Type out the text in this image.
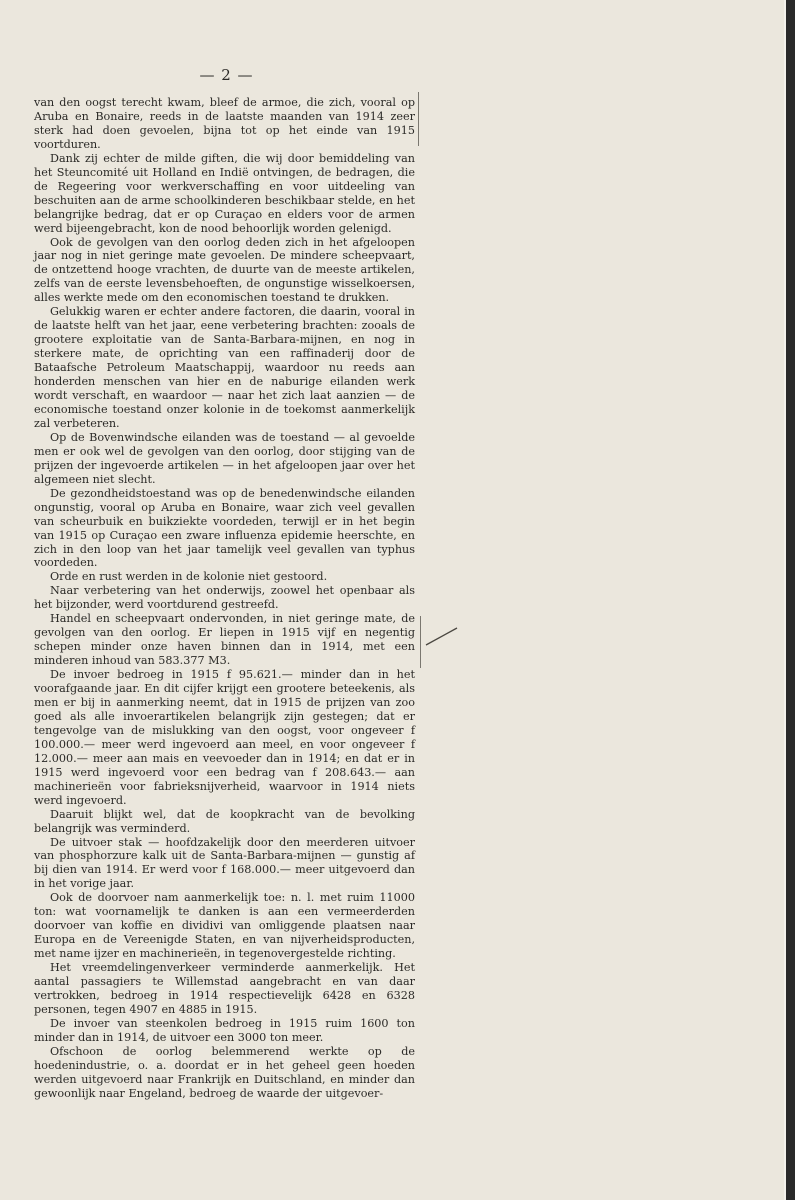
— 2 —

van den oogst terecht kwam, bleef de armoe, die zich, vooral op Aruba en Bonaire, reeds in de laatste maanden van 1914 zeer sterk had doen gevoelen, bijna tot op het einde van 1915 voortduren.

Dank zij echter de milde giften, die wij door bemiddeling van het Steuncomité uit Holland en Indië ontvingen, de bedragen, die de Regeering voor werkverschaffing en voor uitdeeling van beschuiten aan de arme schoolkinderen beschikbaar stelde, en het belangrijke bedrag, dat er op Curaçao en elders voor de armen werd bijeengebracht, kon de nood behoorlijk worden gelenigd.

Ook de gevolgen van den oorlog deden zich in het afgeloopen jaar nog in niet geringe mate gevoelen. De mindere scheepvaart, de ontzettend hooge vrachten, de duurte van de meeste artikelen, zelfs van de eerste levensbehoeften, de ongunstige wisselkoersen, alles werkte mede om den economischen toestand te drukken.

Gelukkig waren er echter andere factoren, die daarin, vooral in de laatste helft van het jaar, eene verbetering brachten: zooals de grootere exploitatie van de Santa-Barbara-mijnen, en nog in sterkere mate, de oprichting van een raffinaderij door de Bataafsche Petroleum Maatschappij, waardoor nu reeds aan honderden menschen van hier en de naburige eilanden werk wordt verschaft, en waardoor — naar het zich laat aanzien — de economische toestand onzer kolonie in de toekomst aanmerkelijk zal verbeteren.

Op de Bovenwindsche eilanden was de toestand — al gevoelde men er ook wel de gevolgen van den oorlog, door stijging van de prijzen der ingevoerde artikelen — in het afgeloopen jaar over het algemeen niet slecht.

De gezondheidstoestand was op de benedenwindsche eilanden ongunstig, vooral op Aruba en Bonaire, waar zich veel gevallen van scheurbuik en buikziekte voordeden, terwijl er in het begin van 1915 op Curaçao een zware influenza epidemie heerschte, en zich in den loop van het jaar tamelijk veel gevallen van typhus voordeden.

Orde en rust werden in de kolonie niet gestoord.

Naar verbetering van het onderwijs, zoowel het openbaar als het bijzonder, werd voortdurend gestreefd.

Handel en scheepvaart ondervonden, in niet geringe mate, de gevolgen van den oorlog. Er liepen in 1915 vijf en negentig schepen minder onze haven binnen dan in 1914, met een minderen inhoud van 583.377 M3.

De invoer bedroeg in 1915 f 95.621.— minder dan in het voorafgaande jaar. En dit cijfer krijgt een grootere beteekenis, als men er bij in aanmerking neemt, dat in 1915 de prijzen van zoo goed als alle invoerartikelen belangrijk zijn gestegen; dat er tengevolge van de mislukking van den oogst, voor ongeveer f 100.000.— meer werd ingevoerd aan meel, en voor ongeveer f 12.000.— meer aan mais en veevoeder dan in 1914; en dat er in 1915 werd ingevoerd voor een bedrag van f 208.643.— aan machinerieën voor fabrieksnijverheid, waarvoor in 1914 niets werd ingevoerd.

Daaruit blijkt wel, dat de koopkracht van de bevolking belangrijk was verminderd.

De uitvoer stak — hoofdzakelijk door den meerderen uitvoer van phosphorzure kalk uit de Santa-Barbara-mijnen — gunstig af bij dien van 1914. Er werd voor f 168.000.— meer uitgevoerd dan in het vorige jaar.

Ook de doorvoer nam aanmerkelijk toe: n. l. met ruim 11000 ton: wat voornamelijk te danken is aan een vermeerderden doorvoer van koffie en dividivi van omliggende plaatsen naar Europa en de Vereenigde Staten, en van nijverheidsproducten, met name ijzer en machinerieën, in tegenovergestelde richting.

Het vreemdelingenverkeer verminderde aanmerkelijk. Het aantal passagiers te Willemstad aangebracht en van daar vertrokken, bedroeg in 1914 respectievelijk 6428 en 6328 personen, tegen 4907 en 4885 in 1915.

De invoer van steenkolen bedroeg in 1915 ruim 1600 ton minder dan in 1914, de uitvoer een 3000 ton meer.

Ofschoon de oorlog belemmerend werkte op de hoedenindustrie, o. a. doordat er in het geheel geen hoeden werden uitgevoerd naar Frankrijk en Duitschland, en minder dan gewoonlijk naar Engeland, bedroeg de waarde der uitgevoer-
